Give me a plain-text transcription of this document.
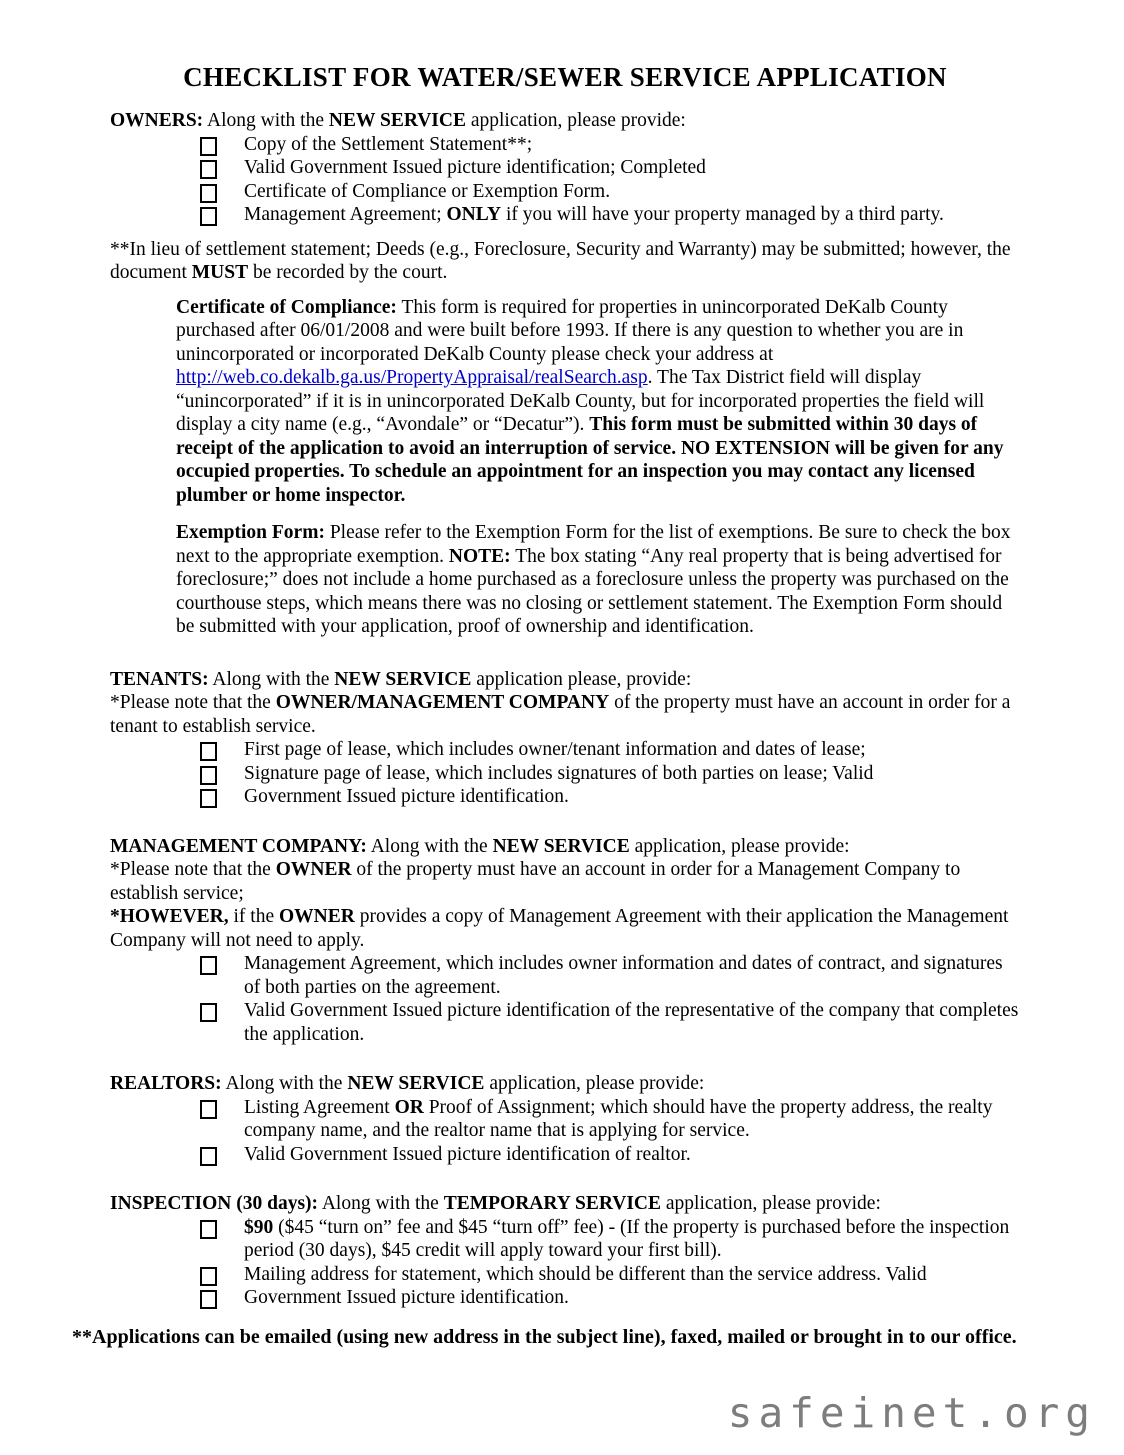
CHECKLIST FOR WATER/SEWER SERVICE APPLICATION

OWNERS: Along with the NEW SERVICE application, please provide:

Copy of the Settlement Statement**;
Valid Government Issued picture identification; Completed
Certificate of Compliance or Exemption Form.
Management Agreement; ONLY if you will have your property managed by a third party.

**In lieu of settlement statement; Deeds (e.g., Foreclosure, Security and Warranty) may be submitted; however, the document MUST be recorded by the court.

Certificate of Compliance: This form is required for properties in unincorporated DeKalb County purchased after 06/01/2008 and were built before 1993. If there is any question to whether you are in unincorporated or incorporated DeKalb County please check your address at http://web.co.dekalb.ga.us/PropertyAppraisal/realSearch.asp. The Tax District field will display “unincorporated” if it is in unincorporated DeKalb County, but for incorporated properties the field will display a city name (e.g., “Avondale” or “Decatur”). This form must be submitted within 30 days of receipt of the application to avoid an interruption of service. NO EXTENSION will be given for any occupied properties. To schedule an appointment for an inspection you may contact any licensed plumber or home inspector.

Exemption Form: Please refer to the Exemption Form for the list of exemptions. Be sure to check the box next to the appropriate exemption. NOTE: The box stating “Any real property that is being advertised for foreclosure;” does not include a home purchased as a foreclosure unless the property was purchased on the courthouse steps, which means there was no closing or settlement statement. The Exemption Form should be submitted with your application, proof of ownership and identification.

TENANTS: Along with the NEW SERVICE application please, provide:

*Please note that the OWNER/MANAGEMENT COMPANY of the property must have an account in order for a tenant to establish service.

First page of lease, which includes owner/tenant information and dates of lease;
Signature page of lease, which includes signatures of both parties on lease; Valid
Government Issued picture identification.

MANAGEMENT COMPANY: Along with the NEW SERVICE application, please provide:

*Please note that the OWNER of the property must have an account in order for a Management Company to establish service;

*HOWEVER, if the OWNER provides a copy of Management Agreement with their application the Management Company will not need to apply.

Management Agreement, which includes owner information and dates of contract, and signatures of both parties on the agreement.
Valid Government Issued picture identification of the representative of the company that completes the application.

REALTORS: Along with the NEW SERVICE application, please provide:

Listing Agreement OR Proof of Assignment; which should have the property address, the realty company name, and the realtor name that is applying for service.
Valid Government Issued picture identification of realtor.

INSPECTION (30 days): Along with the TEMPORARY SERVICE application, please provide:

$90 ($45 “turn on” fee and $45 “turn off” fee) - (If the property is purchased before the inspection period (30 days), $45 credit will apply toward your first bill).
Mailing address for statement, which should be different than the service address. Valid
Government Issued picture identification.

**Applications can be emailed (using new address in the subject line), faxed, mailed or brought in to our office.

safeinet.org
